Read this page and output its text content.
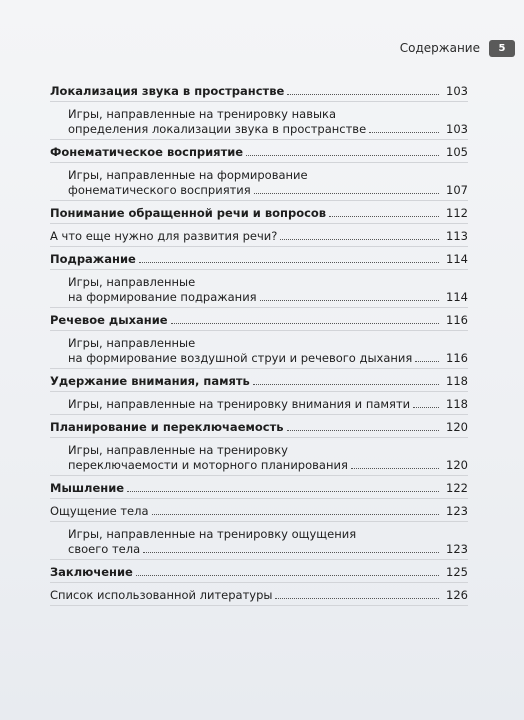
Содержание	5
Локализация звука в пространстве	103
Игры, направленные на тренировку навыка
определения локализации звука в пространстве	103
Фонематическое восприятие	105
Игры, направленные на формирование
фонематического восприятия	107
Понимание обращенной речи и вопросов	112
А что еще нужно для развития речи?	113
Подражание	114
Игры, направленные
на формирование подражания	114
Речевое дыхание	116
Игры, направленные
на формирование воздушной струи и речевого дыхания	116
Удержание внимания, память	118
Игры, направленные на тренировку внимания и памяти	118
Планирование и переключаемость	120
Игры, направленные на тренировку
переключаемости и моторного планирования	120
Мышление	122
Ощущение тела	123
Игры, направленные на тренировку ощущения
своего тела	123
Заключение	125
Список использованной литературы	126
